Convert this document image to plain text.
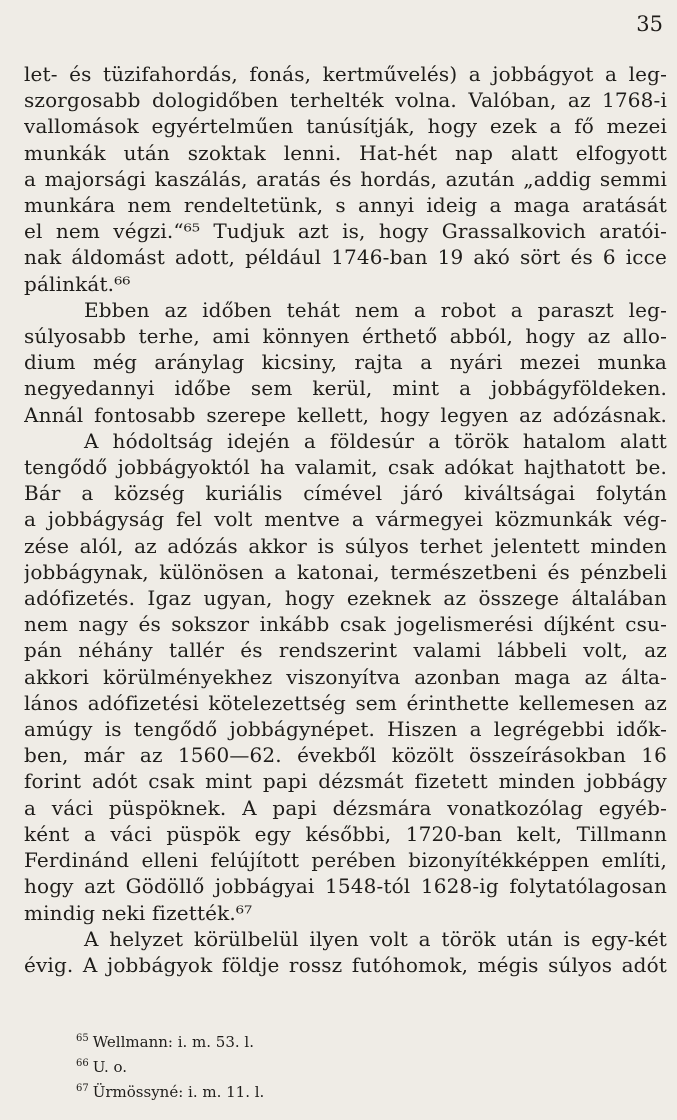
35
let- és tüzifahordás, fonás, kertművelés) a jobbágyot a leg-
szorgosabb dologidőben terhelték volna. Valóban, az 1768-i
vallomások egyértelműen tanúsítják, hogy ezek a fő mezei
munkák után szoktak lenni. Hat-hét nap alatt elfogyott
a majorsági kaszálás, aratás és hordás, azután „addig semmi
munkára nem rendeltetünk, s annyi ideig a maga aratását
el nem végzi.“⁶⁵ Tudjuk azt is, hogy Grassalkovich aratói-
nak áldomást adott, például 1746-ban 19 akó sört és 6 icce
pálinkát.⁶⁶
Ebben az időben tehát nem a robot a paraszt leg-
súlyosabb terhe, ami könnyen érthető abból, hogy az allo-
dium még aránylag kicsiny, rajta a nyári mezei munka
negyedannyi időbe sem kerül, mint a jobbágyföldeken.
Annál fontosabb szerepe kellett, hogy legyen az adózásnak.
A hódoltság idején a földesúr a török hatalom alatt
tengődő jobbágyoktól ha valamit, csak adókat hajthatott be.
Bár a község kuriális címével járó kiváltságai folytán
a jobbágyság fel volt mentve a vármegyei közmunkák vég-
zése alól, az adózás akkor is súlyos terhet jelentett minden
jobbágynak, különösen a katonai, természetbeni és pénzbeli
adófizetés. Igaz ugyan, hogy ezeknek az összege általában
nem nagy és sokszor inkább csak jogelismerési díjként csu-
pán néhány tallér és rendszerint valami lábbeli volt, az
akkori körülményekhez viszonyítva azonban maga az álta-
lános adófizetési kötelezettség sem érinthette kellemesen az
amúgy is tengődő jobbágynépet. Hiszen a legrégebbi idők-
ben, már az 1560—62. évekből közölt összeírásokban 16
forint adót csak mint papi dézsmát fizetett minden jobbágy
a váci püspöknek. A papi dézsmára vonatkozólag egyéb-
ként a váci püspök egy későbbi, 1720-ban kelt, Tillmann
Ferdinánd elleni felújított perében bizonyítékképpen említi,
hogy azt Gödöllő jobbágyai 1548-tól 1628-ig folytatólagosan
mindig neki fizették.⁶⁷
A helyzet körülbelül ilyen volt a török után is egy-két
évig. A jobbágyok földje rossz futóhomok, mégis súlyos adót
$^{65}$ Wellmann: i. m. 53. l.
$^{66}$ U. o.
$^{67}$ Ürmössyné: i. m. 11. l.
